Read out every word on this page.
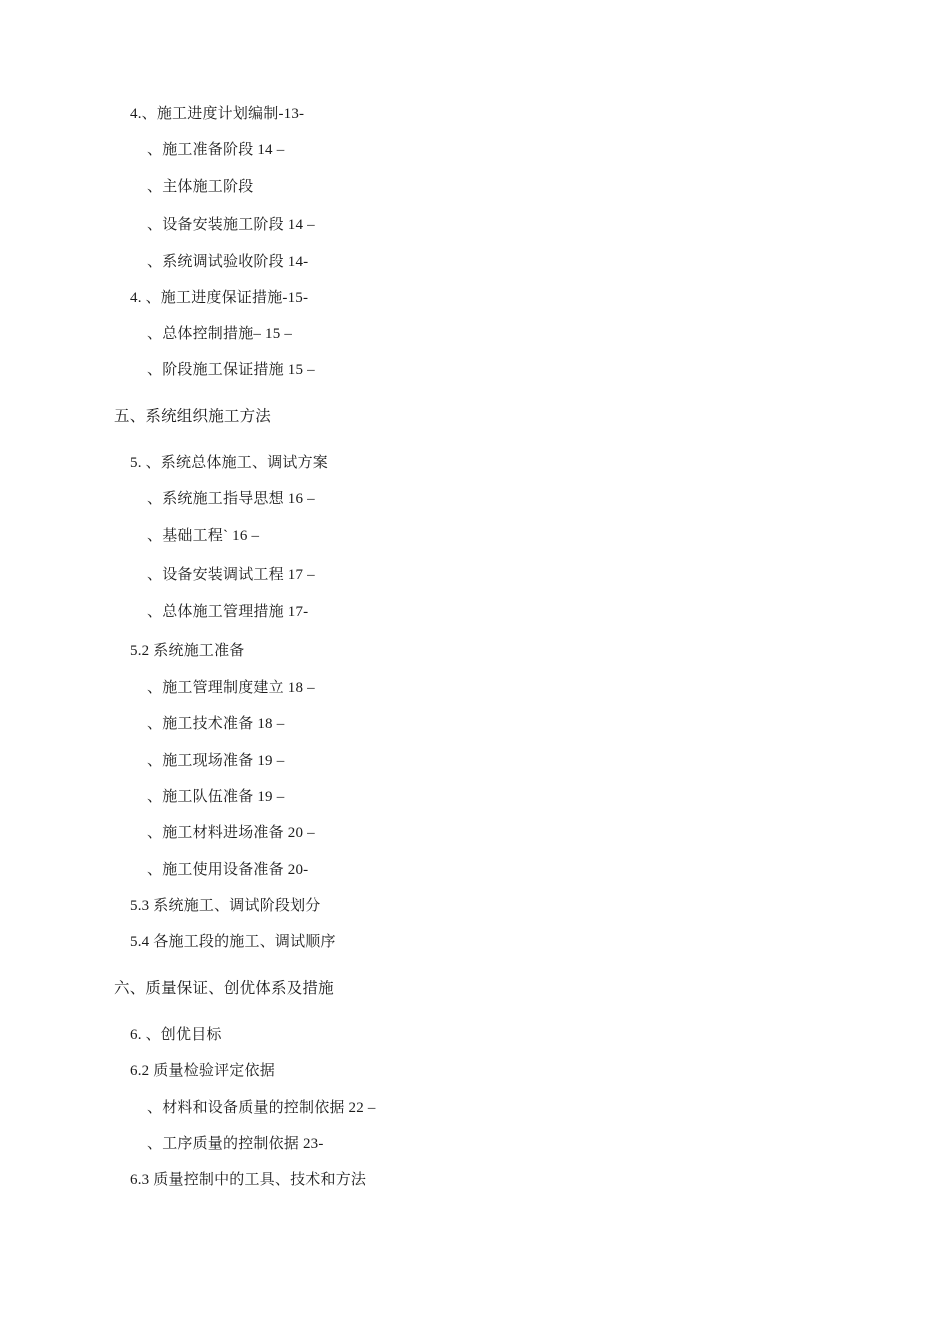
4.、施工进度计划编制-13-
、施工准备阶段 14 –
、主体施工阶段
、设备安装施工阶段 14 –
、系统调试验收阶段 14-
4. 、施工进度保证措施-15-
、总体控制措施– 15 –
、阶段施工保证措施 15 –
五、系统组织施工方法
5. 、系统总体施工、调试方案
、系统施工指导思想 16 –
、基础工程ˋ 16 –
、设备安装调试工程 17 –
、总体施工管理措施 17-
5.2 系统施工准备
、施工管理制度建立 18 –
、施工技术准备 18 –
、施工现场准备 19 –
、施工队伍准备 19 –
、施工材料进场准备 20 –
、施工使用设备准备 20-
5.3 系统施工、调试阶段划分
5.4 各施工段的施工、调试顺序
六、质量保证、创优体系及措施
6. 、创优目标
6.2 质量检验评定依据
、材料和设备质量的控制依据 22 –
、工序质量的控制依据 23-
6.3 质量控制中的工具、技术和方法
